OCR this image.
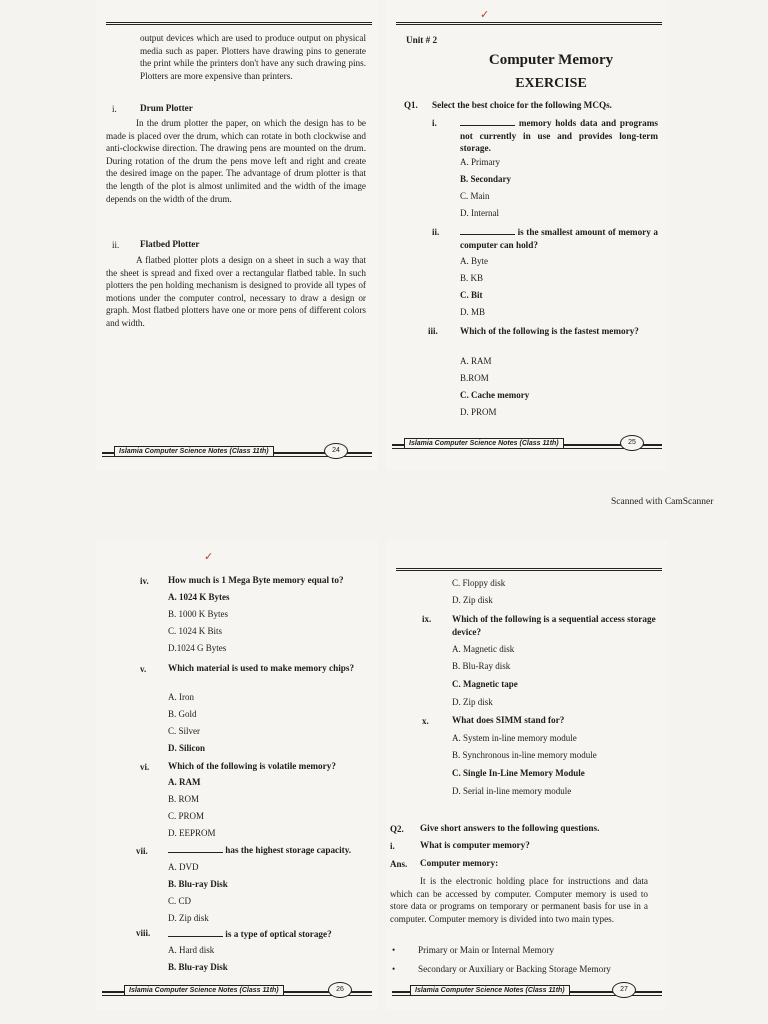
output devices which are used to produce output on physical media such as paper. Plotters have drawing pins to generate the print while the printers don't have any such drawing pins. Plotters are more expensive than printers.
i.	Drum Plotter
In the drum plotter the paper, on which the design has to be made is placed over the drum, which can rotate in both clockwise and anti-clockwise direction. The drawing pens are mounted on the drum. During rotation of the drum the pens move left and right and create the desired image on the paper. The advantage of drum plotter is that the length of the plot is almost unlimited and the width of the image depends on the width of the drum.
ii. Flatbed Plotter
A flatbed plotter plots a design on a sheet in such a way that the sheet is spread and fixed over a rectangular flatbed table. In such plotters the pen holding mechanism is designed to provide all types of motions under the computer control, necessary to draw a design or graph. Most flatbed plotters have one or more pens of different colors and width.
Islamia Computer Science Notes (Class 11th)	24
Unit # 2
Computer Memory
EXERCISE
Q1. Select the best choice for the following MCQs.
i.	memory holds data and programs not currently in use and provides long-term storage.
A. Primary
B. Secondary
C. Main
D. Internal
ii.	is the smallest amount of memory a computer can hold?
A. Byte
B. KB
C. Bit
D. MB
iii. Which of the following is the fastest memory?
A. RAM
B.ROM
C. Cache memory
D. PROM
Islamia Computer Science Notes (Class 11th)	25
✓
Scanned with CamScanner
✓
iv. How much is 1 Mega Byte memory equal to?
A. 1024 K Bytes
B. 1000 K Bytes
C. 1024 K Bits
D.1024 G Bytes
v. Which material is used to make memory chips?
A. Iron
B. Gold
C. Silver
D. Silicon
vi. Which of the following is volatile memory?
A. RAM
B. ROM
C. PROM
D. EEPROM
vii.	has the highest storage capacity.
A. DVD
B. Blu-ray Disk
C. CD
D. Zip disk
viii.	is a type of optical storage?
A. Hard disk
B. Blu-ray Disk
Islamia Computer Science Notes (Class 11th)	26
C. Floppy disk
D. Zip disk
ix. Which of the following is a sequential access storage device?
A. Magnetic disk
B. Blu-Ray disk
C. Magnetic tape
D. Zip disk
x.	What does SIMM stand for?
A. System in-line memory module
B. Synchronous in-line memory module
C. Single In-Line Memory Module
D. Serial in-line memory module
Q2. Give short answers to the following questions.
i.	What is computer memory?
Ans. Computer memory:
It is the electronic holding place for instructions and data which can be accessed by computer. Computer memory is used to store data or programs on temporary or permanent basis for use in a computer. Computer memory is divided into two main types.
• Primary or Main or Internal Memory
• Secondary or Auxiliary or Backing Storage Memory
Islamia Computer Science Notes (Class 11th)	27
